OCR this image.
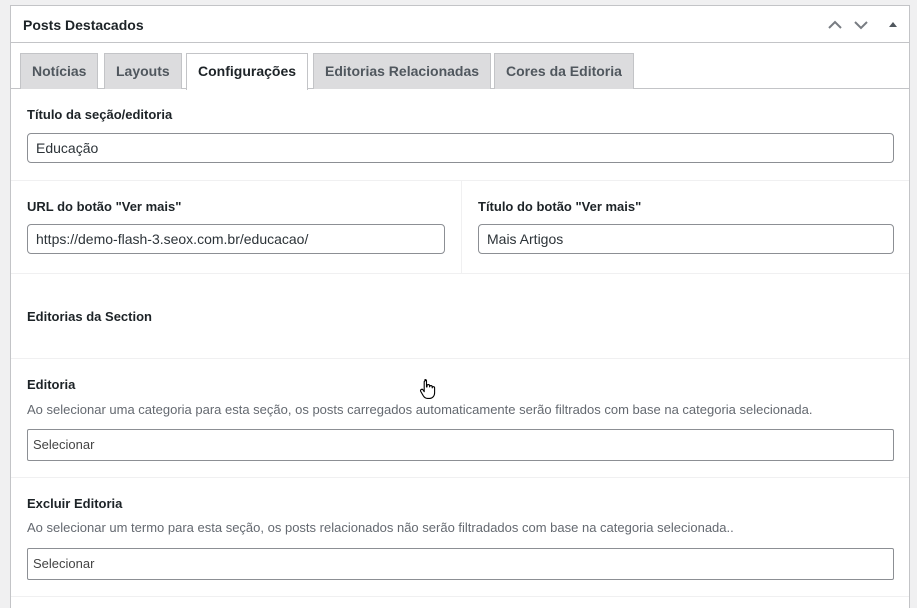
Posts Destacados
Notícias	Layouts	Configurações	Editorias Relacionadas	Cores da Editoria
Título da seção/editoria
Educação
URL do botão "Ver mais"
https://demo-flash-3.seox.com.br/educacao/
Título do botão "Ver mais"
Mais Artigos
Editorias da Section
Editoria
Ao selecionar uma categoria para esta seção, os posts carregados automaticamente serão filtrados com base na categoria selecionada.
Selecionar
Excluir Editoria
Ao selecionar um termo para esta seção, os posts relacionados não serão filtradados com base na categoria selecionada..
Selecionar
